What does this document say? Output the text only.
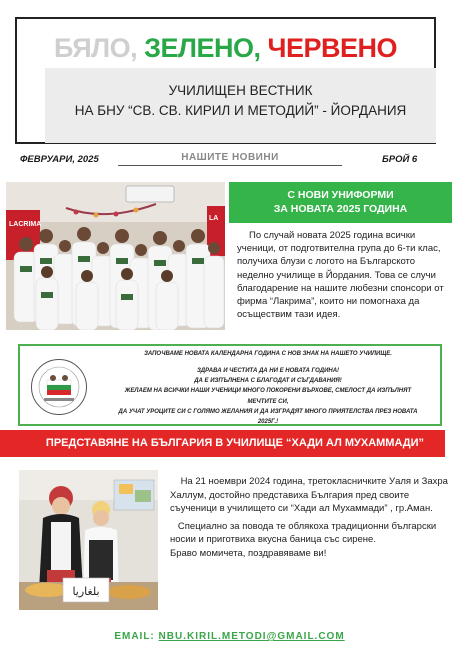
БЯЛО, ЗЕЛЕНО, ЧЕРВЕНО
УЧИЛИЩЕН ВЕСТНИК
НА БНУ “СВ. СВ. КИРИЛ И МЕТОДИЙ” - ЙОРДАНИЯ
ФЕВРУАРИ, 2025	НАШИТЕ НОВИНИ	БРОЙ 6
LACRIMA
LA
С НОВИ УНИФОРМИ
ЗА НОВАТА 2025 ГОДИНА
По случай новата 2025 година всички ученици, от подготвителна група до 6-ти клас, получиха блузи с логото на Българското неделно училище в Йордания. Това се случи благодарение на нашите любезни спонсори от фирма “Лакрима”, които ни помогнаха да осъществим тази идея.
ЗАПОЧВАМЕ НОВАТА КАЛЕНДАРНА ГОДИНА С НОВ ЗНАК НА НАШЕТО УЧИЛИЩЕ.
ЗДРАВА И ЧЕСТИТА ДА НИ Е НОВАТА ГОДИНА!
ДА Е ИЗПЪЛНЕНА С БЛАГОДАТ И СЪГДАВАНИЯ!
ЖЕЛАЕМ НА ВСИЧКИ НАШИ УЧЕНИЦИ МНОГО ПОКОРЕНИ ВЪРХОВЕ, СМЕЛОСТ ДА ИЗПЪЛНЯТ
МЕЧТИТЕ СИ,
ДА УЧАТ УРОЦИТЕ СИ С ГОЛЯМО ЖЕЛАНИЯ И ДА ИЗГРАДЯТ МНОГО ПРИЯТЕЛСТВА ПРЕЗ НОВАТА
2025Г.!
ПРЕДСТАВЯНЕ НА БЪЛГАРИЯ В УЧИЛИЩЕ “ХАДИ АЛ МУХАММАДИ”
بلغاريا

На 21 ноември 2024 година, третокласничките Уаля и Захра Халлум, достойно представиха България пред своите съученици в училището си “Хади ал Мухаммади” , гр.Аман.

Специално за повода те облякоха традиционни български носии и приготвиха вкусна баница със сирене.

Браво момичета, поздравяваме ви!

EMAIL: NBU.KIRIL.METODI@GMAIL.COM
